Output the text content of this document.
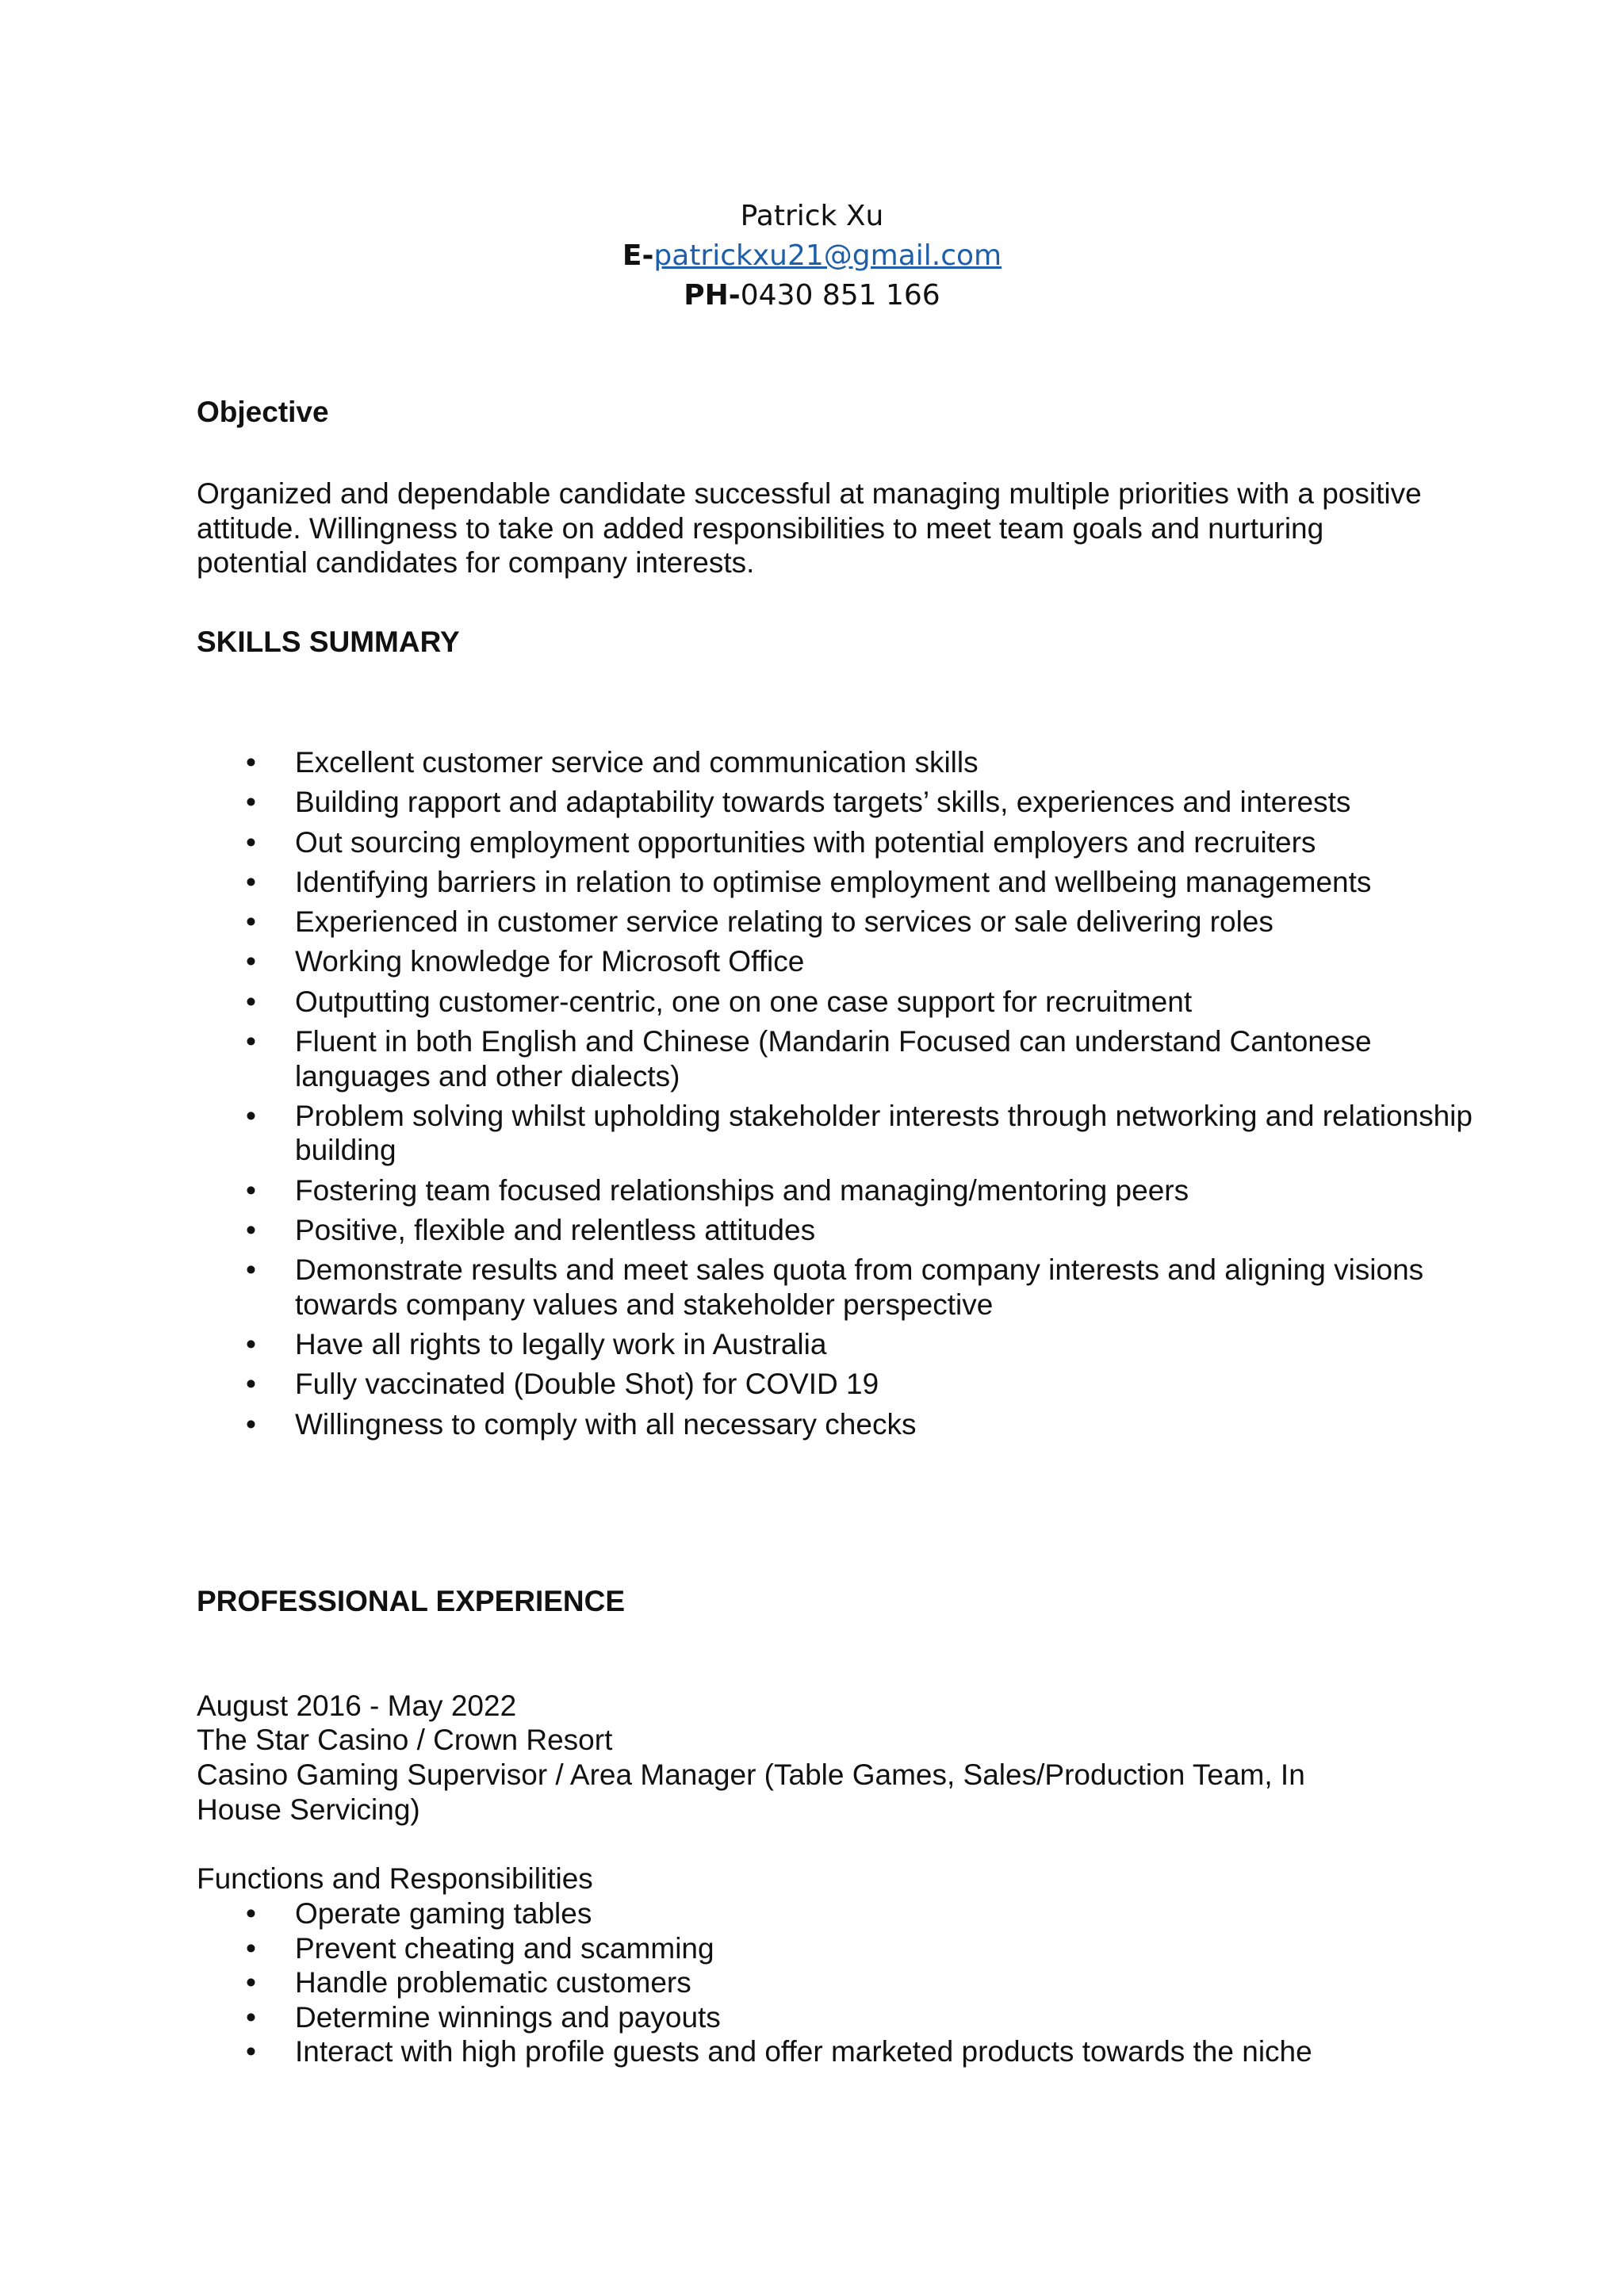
Patrick Xu
E-patrickxu21@gmail.com
PH-0430 851 166
Objective

Organized and dependable candidate successful at managing multiple priorities with a positive attitude. Willingness to take on added responsibilities to meet team goals and nurturing potential candidates for company interests.

SKILLS SUMMARY
• Excellent customer service and communication skills
• Building rapport and adaptability towards targets’ skills, experiences and interests
• Out sourcing employment opportunities with potential employers and recruiters
• Identifying barriers in relation to optimise employment and wellbeing managements
• Experienced in customer service relating to services or sale delivering roles
• Working knowledge for Microsoft Office
• Outputting customer-centric, one on one case support for recruitment
• Fluent in both English and Chinese (Mandarin Focused can understand Cantonese languages and other dialects)
• Problem solving whilst upholding stakeholder interests through networking and relationship building
• Fostering team focused relationships and managing/mentoring peers
• Positive, flexible and relentless attitudes
• Demonstrate results and meet sales quota from company interests and aligning visions towards company values and stakeholder perspective
• Have all rights to legally work in Australia
• Fully vaccinated (Double Shot) for COVID 19
• Willingness to comply with all necessary checks
PROFESSIONAL EXPERIENCE

August 2016 - May 2022

The Star Casino / Crown Resort

Casino Gaming Supervisor / Area Manager (Table Games, Sales/Production Team, In House Servicing)

Functions and Responsibilities

• Operate gaming tables
• Prevent cheating and scamming
• Handle problematic customers
• Determine winnings and payouts
• Interact with high profile guests and offer marketed products towards the niche
